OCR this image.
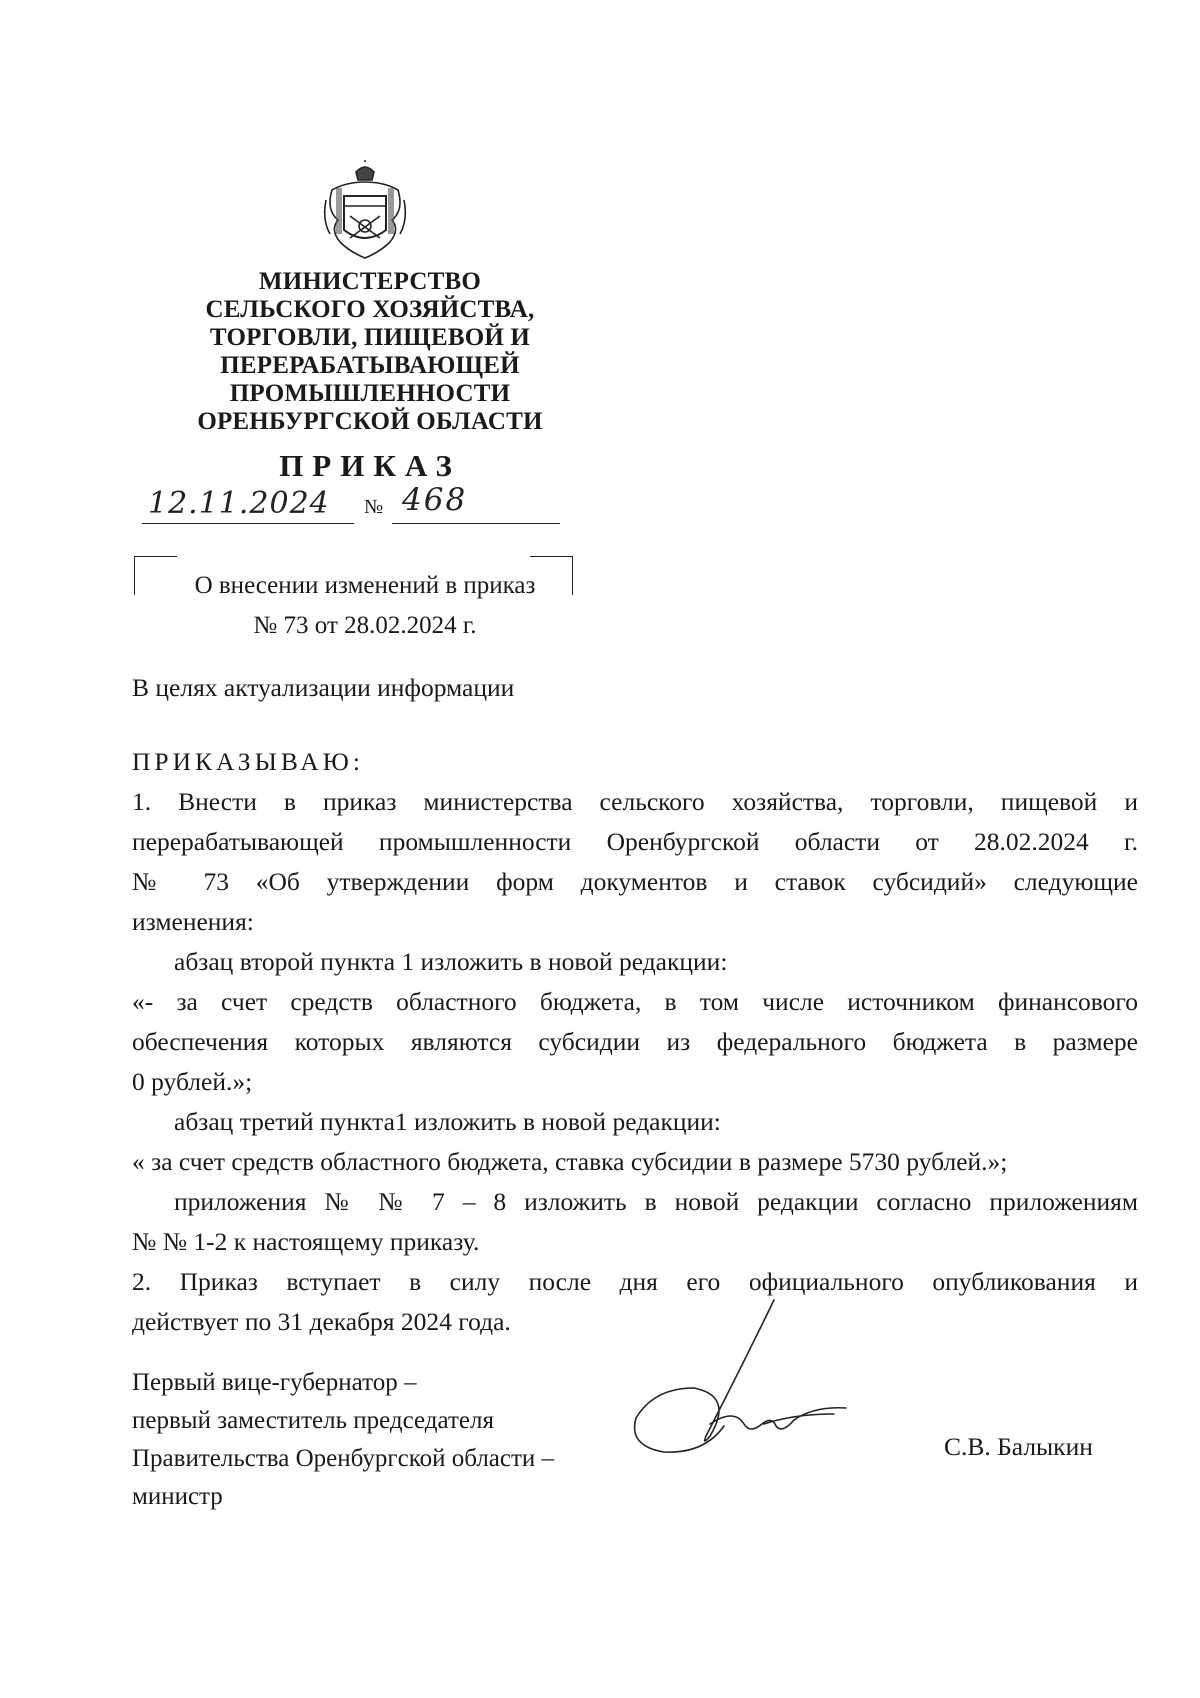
МИНИСТЕРСТВО
СЕЛЬСКОГО ХОЗЯЙСТВА,
ТОРГОВЛИ, ПИЩЕВОЙ И
ПЕРЕРАБАТЫВАЮЩЕЙ
ПРОМЫШЛЕННОСТИ
ОРЕНБУРГСКОЙ ОБЛАСТИ
ПРИКАЗ
12.11.2024	№ 468
О внесении изменений в приказ
№ 73 от 28.02.2024 г.
В целях актуализации информации
ПРИКАЗЫВАЮ:
1. Внести в приказ министерства сельского хозяйства, торговли, пищевой и
перерабатывающей промышленности Оренбургской области от 28.02.2024 г.
№ 73 «Об утверждении форм документов и ставок субсидий» следующие
изменения:
абзац второй пункта 1 изложить в новой редакции:
«- за счет средств областного бюджета, в том числе источником финансового
обеспечения которых являются субсидии из федерального бюджета в размере
0 рублей.»;
абзац третий пункта1 изложить в новой редакции:
« за счет средств областного бюджета, ставка субсидии в размере 5730 рублей.»;
приложения № № 7 – 8 изложить в новой редакции согласно приложениям
№ № 1-2 к настоящему приказу.
2. Приказ вступает в силу после дня его официального опубликования и
действует по 31 декабря 2024 года.
Первый вице-губернатор –
первый заместитель председателя
Правительства Оренбургской области –
министр
С.В. Балыкин
